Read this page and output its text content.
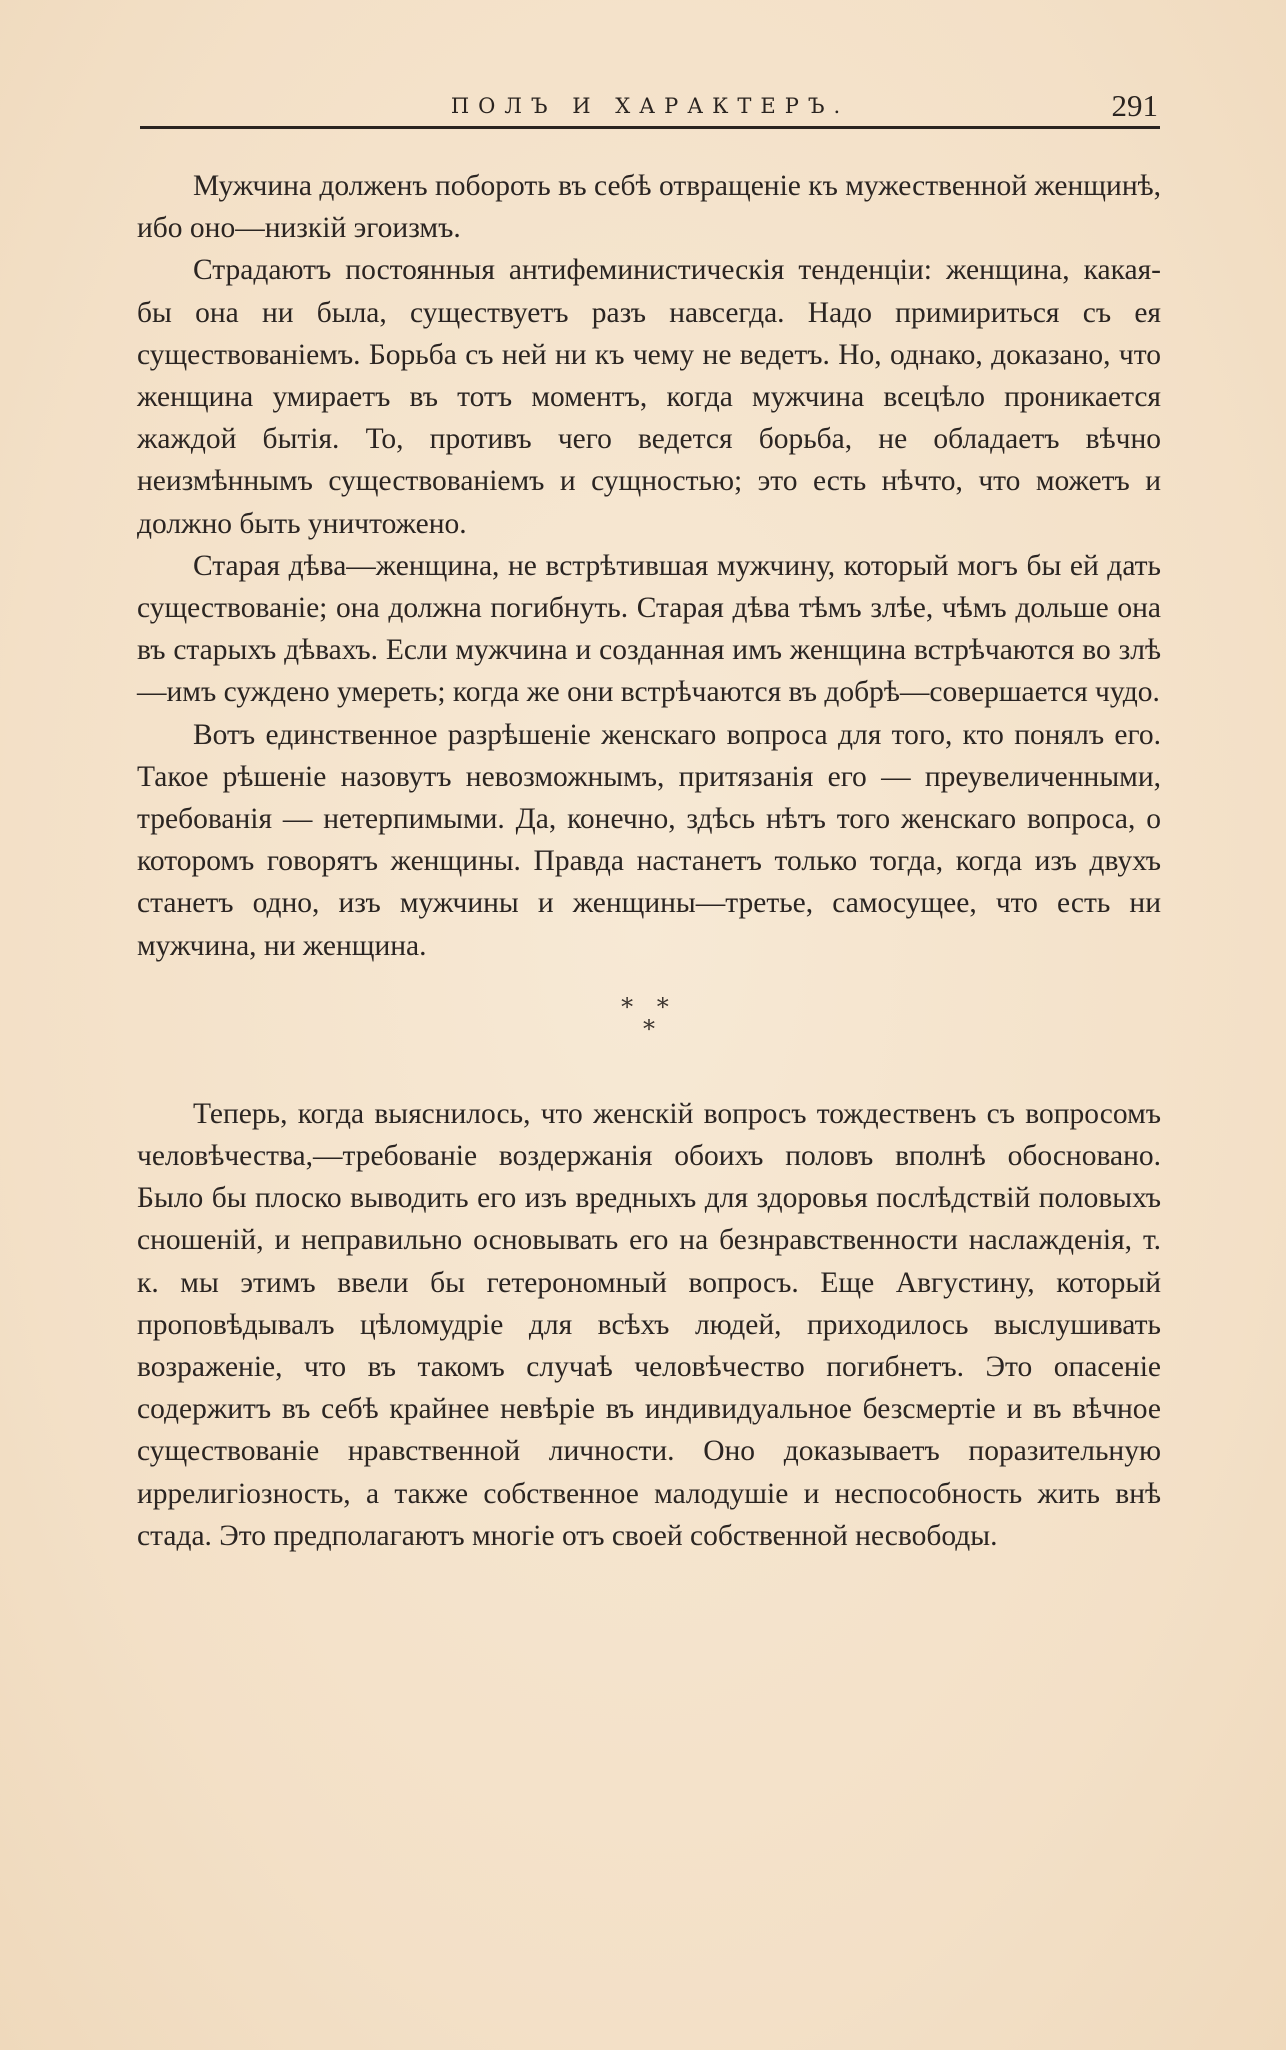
ПОЛЪ И ХАРАКТЕРЪ.	291

Мужчина долженъ побороть въ себѣ отвращеніе къ мужественной женщинѣ, ибо оно—низкій эгоизмъ.

Страдаютъ постоянныя антифеминистическія тенденціи: женщина, какая-бы она ни была, существуетъ разъ навсегда. Надо примириться съ ея существованіемъ. Борьба съ ней ни къ чему не ведетъ. Но, однако, доказано, что женщина умираетъ въ тотъ моментъ, когда мужчина всецѣло проникается жаждой бытія. То, противъ чего ведется борьба, не обладаетъ вѣчно неизмѣннымъ существованіемъ и сущностью; это есть нѣчто, что можетъ и должно быть уничтожено.

Старая дѣва—женщина, не встрѣтившая мужчину, который могъ бы ей дать существованіе; она должна погибнуть. Старая дѣва тѣмъ злѣе, чѣмъ дольше она въ старыхъ дѣвахъ. Если мужчина и созданная имъ женщина встрѣчаются во злѣ—имъ суждено умереть; когда же они встрѣчаются въ добрѣ—совершается чудо.

Вотъ единственное разрѣшеніе женскаго вопроса для того, кто понялъ его. Такое рѣшеніе назовутъ невозможнымъ, притязанія его — преувеличенными, требованія — нетерпимыми. Да, конечно, здѣсь нѣтъ того женскаго вопроса, о которомъ говорятъ женщины. Правда настанетъ только тогда, когда изъ двухъ станетъ одно, изъ мужчины и женщины—третье, самосущее, что есть ни мужчина, ни женщина.

* *
*

Теперь, когда выяснилось, что женскій вопросъ тождественъ съ вопросомъ человѣчества,—требованіе воздержанія обоихъ половъ вполнѣ обосновано. Было бы плоско выводить его изъ вредныхъ для здоровья послѣдствій половыхъ сношеній, и неправильно основывать его на безнравственности наслажденія, т. к. мы этимъ ввели бы гетерономный вопросъ. Еще Августину, который проповѣдывалъ цѣломудріе для всѣхъ людей, приходилось выслушивать возраженіе, что въ такомъ случаѣ человѣчество погибнетъ. Это опасеніе содержитъ въ себѣ крайнее невѣріе въ индивидуальное безсмертіе и въ вѣчное существованіе нравственной личности. Оно доказываетъ поразительную иррелигіозность, а также собственное малодушіе и неспособность жить внѣ стада. Это предполагаютъ многіе отъ своей собственной несвободы.
